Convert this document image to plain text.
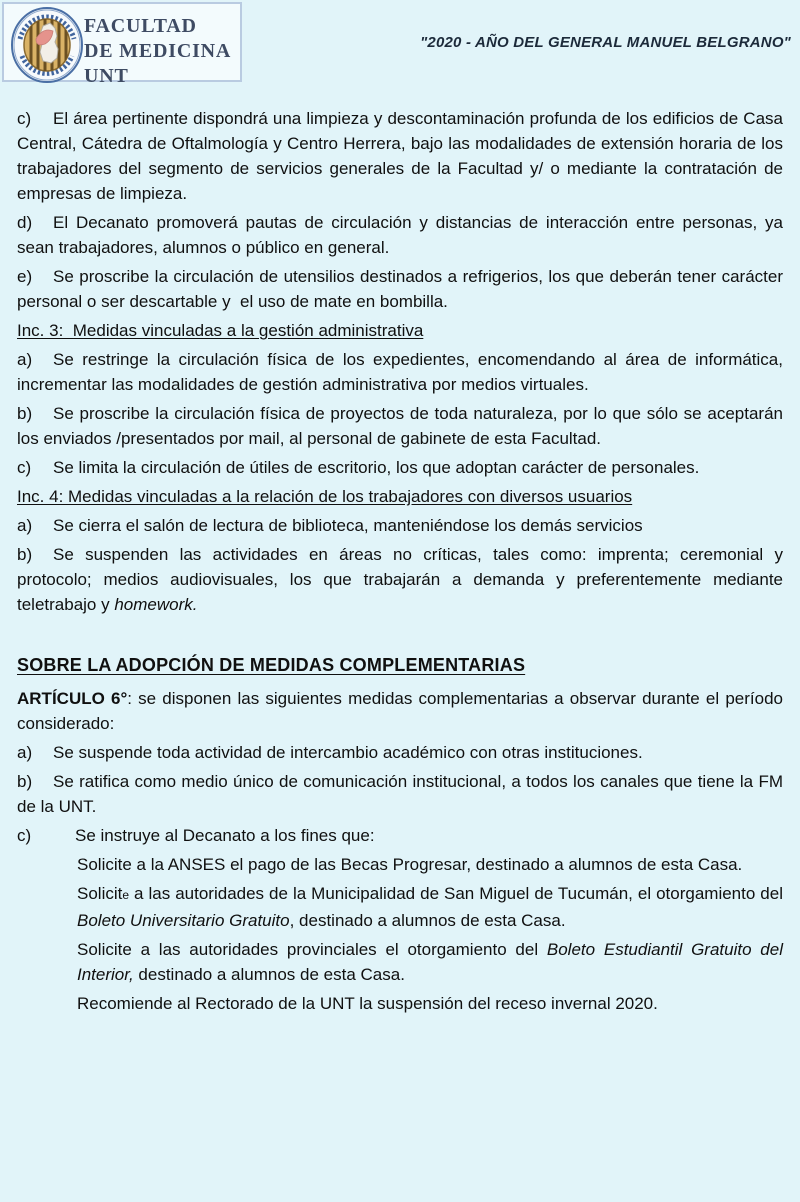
FACULTAD
DE MEDICINA
UNT
"2020 - AÑO DEL GENERAL MANUEL BELGRANO"

c) El área pertinente dispondrá una limpieza y descontaminación profunda de los edificios de Casa Central, Cátedra de Oftalmología y Centro Herrera, bajo las modalidades de extensión horaria de los trabajadores del segmento de servicios generales de la Facultad y/ o mediante la contratación de empresas de limpieza.

d) El Decanato promoverá pautas de circulación y distancias de interacción entre personas, ya sean trabajadores, alumnos o público en general.

e) Se proscribe la circulación de utensilios destinados a refrigerios, los que deberán tener carácter personal o ser descartable y  el uso de mate en bombilla.

Inc. 3:  Medidas vinculadas a la gestión administrativa

a) Se restringe la circulación física de los expedientes, encomendando al área de informática, incrementar las modalidades de gestión administrativa por medios virtuales.

b) Se proscribe la circulación física de proyectos de toda naturaleza, por lo que sólo se aceptarán los enviados /presentados por mail, al personal de gabinete de esta Facultad.

c) Se limita la circulación de útiles de escritorio, los que adoptan carácter de personales.

Inc. 4: Medidas vinculadas a la relación de los trabajadores con diversos usuarios

a) Se cierra el salón de lectura de biblioteca, manteniéndose los demás servicios

b) Se suspenden las actividades en áreas no críticas, tales como: imprenta; ceremonial y protocolo; medios audiovisuales, los que trabajarán a demanda y preferentemente mediante teletrabajo y homework.

SOBRE LA ADOPCIÓN DE MEDIDAS COMPLEMENTARIAS

ARTÍCULO 6°: se disponen las siguientes medidas complementarias a observar durante el período considerado:

a) Se suspende toda actividad de intercambio académico con otras instituciones.

b) Se ratifica como medio único de comunicación institucional, a todos los canales que tiene la FM de la UNT.

c)	Se instruye al Decanato a los fines que:

Solicite a la ANSES el pago de las Becas Progresar, destinado a alumnos de esta Casa.

Solicite a las autoridades de la Municipalidad de San Miguel de Tucumán, el otorgamiento del Boleto Universitario Gratuito, destinado a alumnos de esta Casa.

Solicite a las autoridades provinciales el otorgamiento del Boleto Estudiantil Gratuito del Interior, destinado a alumnos de esta Casa.

Recomiende al Rectorado de la UNT la suspensión del receso invernal 2020.
